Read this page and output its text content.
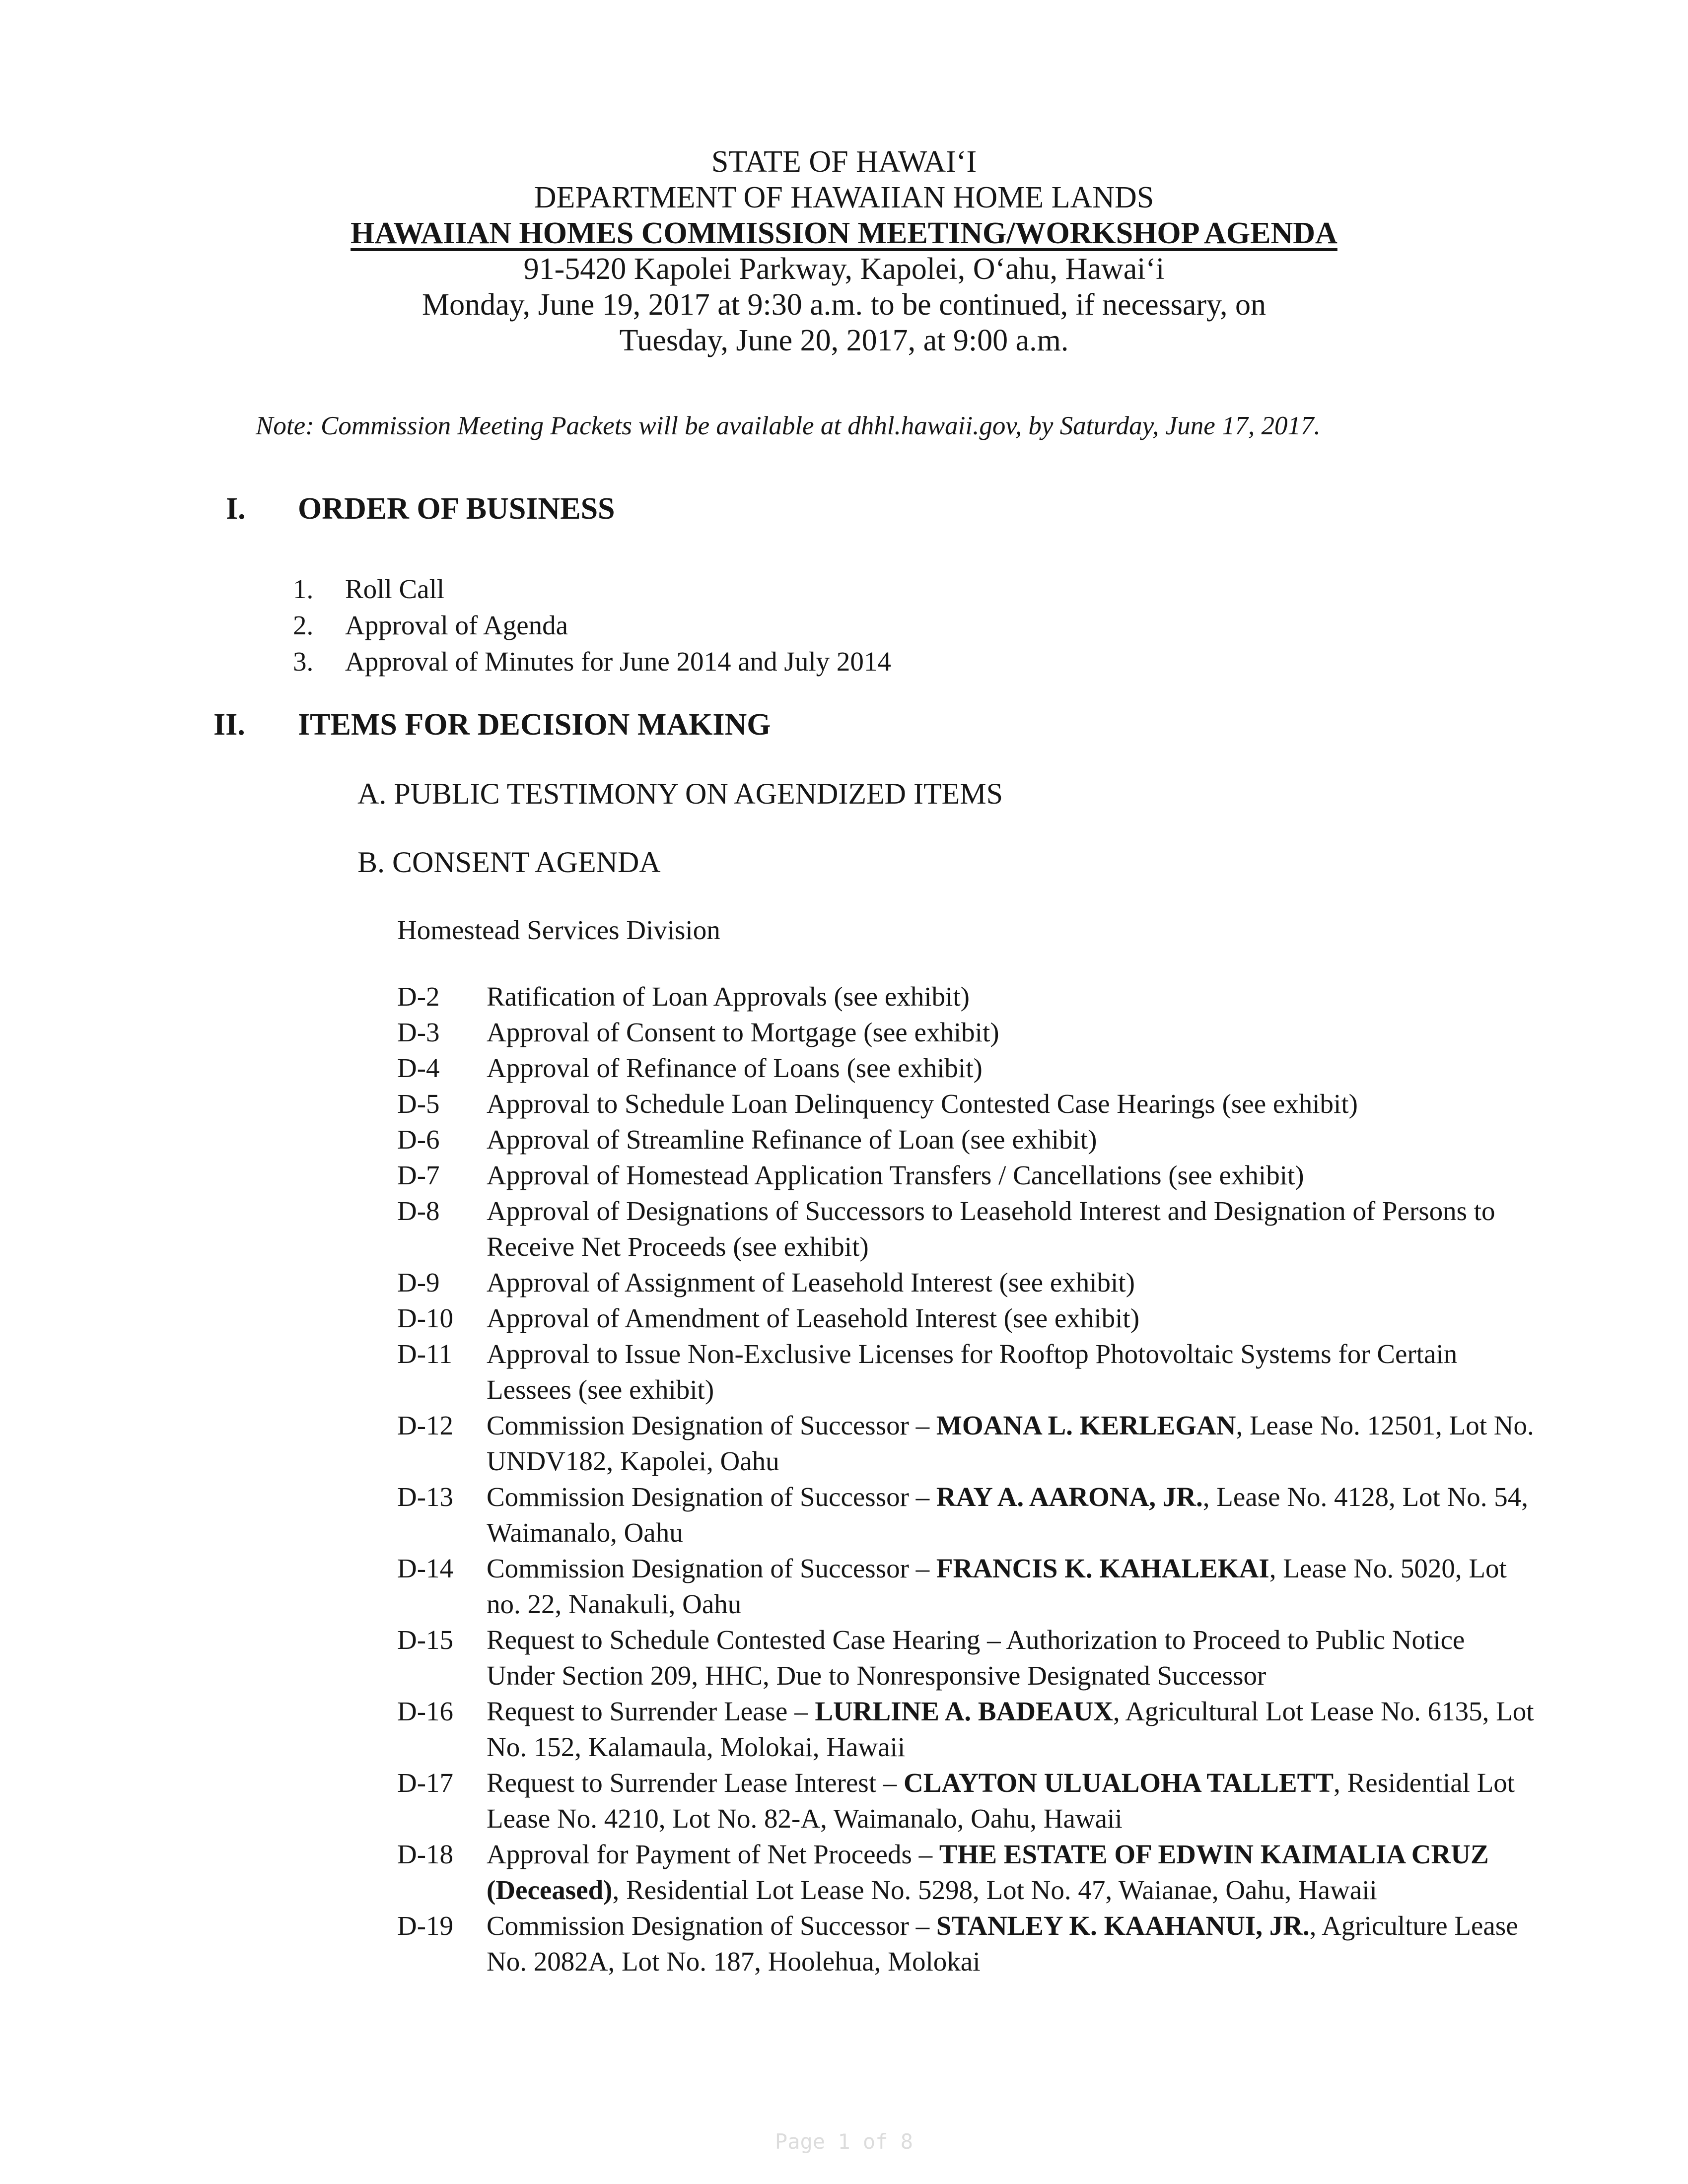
STATE OF HAWAIʻI
DEPARTMENT OF HAWAIIAN HOME LANDS
HAWAIIAN HOMES COMMISSION MEETING/WORKSHOP AGENDA
91-5420 Kapolei Parkway, Kapolei, Oʻahu, Hawaiʻi
Monday, June 19, 2017 at 9:30 a.m. to be continued, if necessary, on
Tuesday, June 20, 2017, at 9:00 a.m.
Note: Commission Meeting Packets will be available at dhhl.hawaii.gov, by Saturday, June 17, 2017.
I. ORDER OF BUSINESS
1. Roll Call
2. Approval of Agenda
3. Approval of Minutes for June 2014 and July 2014
II. ITEMS FOR DECISION MAKING
A. PUBLIC TESTIMONY ON AGENDIZED ITEMS
B. CONSENT AGENDA
Homestead Services Division
D-2 Ratification of Loan Approvals (see exhibit)
D-3 Approval of Consent to Mortgage (see exhibit)
D-4 Approval of Refinance of Loans (see exhibit)
D-5 Approval to Schedule Loan Delinquency Contested Case Hearings (see exhibit)
D-6 Approval of Streamline Refinance of Loan (see exhibit)
D-7 Approval of Homestead Application Transfers / Cancellations (see exhibit)
D-8 Approval of Designations of Successors to Leasehold Interest and Designation of Persons to Receive Net Proceeds (see exhibit)
D-9 Approval of Assignment of Leasehold Interest (see exhibit)
D-10 Approval of Amendment of Leasehold Interest (see exhibit)
D-11 Approval to Issue Non-Exclusive Licenses for Rooftop Photovoltaic Systems for Certain Lessees (see exhibit)
D-12 Commission Designation of Successor – MOANA L. KERLEGAN, Lease No. 12501, Lot No. UNDV182, Kapolei, Oahu
D-13 Commission Designation of Successor – RAY A. AARONA, JR., Lease No. 4128, Lot No. 54, Waimanalo, Oahu
D-14 Commission Designation of Successor – FRANCIS K. KAHALEKAI, Lease No. 5020, Lot no. 22, Nanakuli, Oahu
D-15 Request to Schedule Contested Case Hearing – Authorization to Proceed to Public Notice Under Section 209, HHC, Due to Nonresponsive Designated Successor
D-16 Request to Surrender Lease – LURLINE A. BADEAUX, Agricultural Lot Lease No. 6135, Lot No. 152, Kalamaula, Molokai, Hawaii
D-17 Request to Surrender Lease Interest – CLAYTON ULUALOHA TALLETT, Residential Lot Lease No. 4210, Lot No. 82-A, Waimanalo, Oahu, Hawaii
D-18 Approval for Payment of Net Proceeds – THE ESTATE OF EDWIN KAIMALIA CRUZ (Deceased), Residential Lot Lease No. 5298, Lot No. 47, Waianae, Oahu, Hawaii
D-19 Commission Designation of Successor – STANLEY K. KAAHANUI, JR., Agriculture Lease No. 2082A, Lot No. 187, Hoolehua, Molokai
Page 1 of 8
